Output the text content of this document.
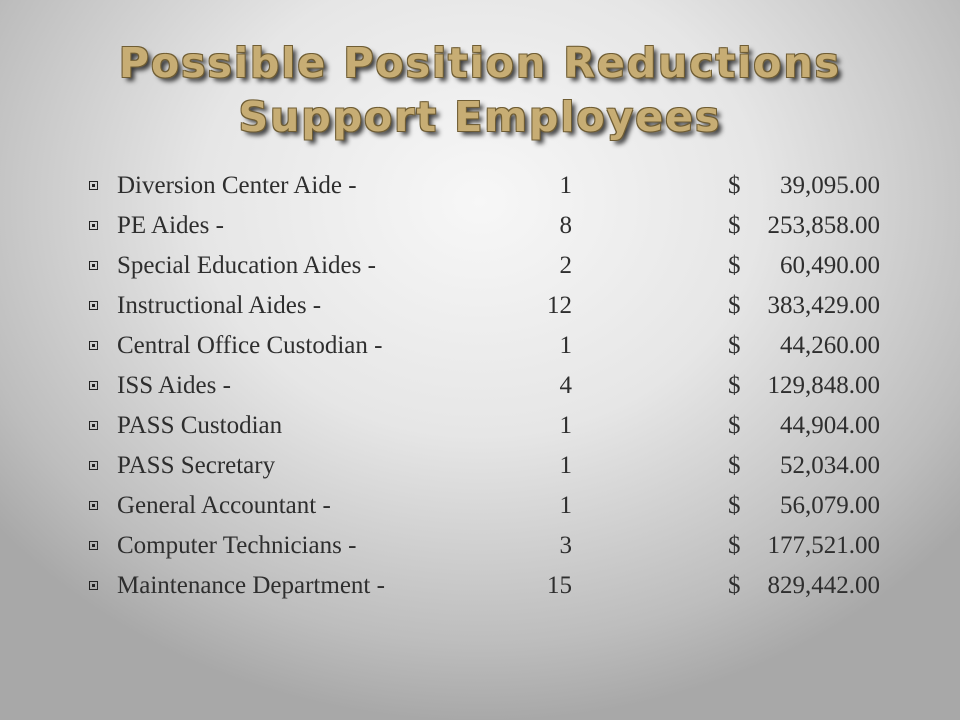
Possible Position Reductions
Support Employees
Diversion Center Aide -	1	$ 39,095.00
PE Aides -	8	$ 253,858.00
Special Education Aides -	2	$ 60,490.00
Instructional Aides -	12	$ 383,429.00
Central Office Custodian -	1	$ 44,260.00
ISS Aides -	4	$ 129,848.00
PASS Custodian	1	$ 44,904.00
PASS Secretary	1	$ 52,034.00
General Accountant -	1	$ 56,079.00
Computer Technicians -	3	$ 177,521.00
Maintenance Department -	15	$ 829,442.00
